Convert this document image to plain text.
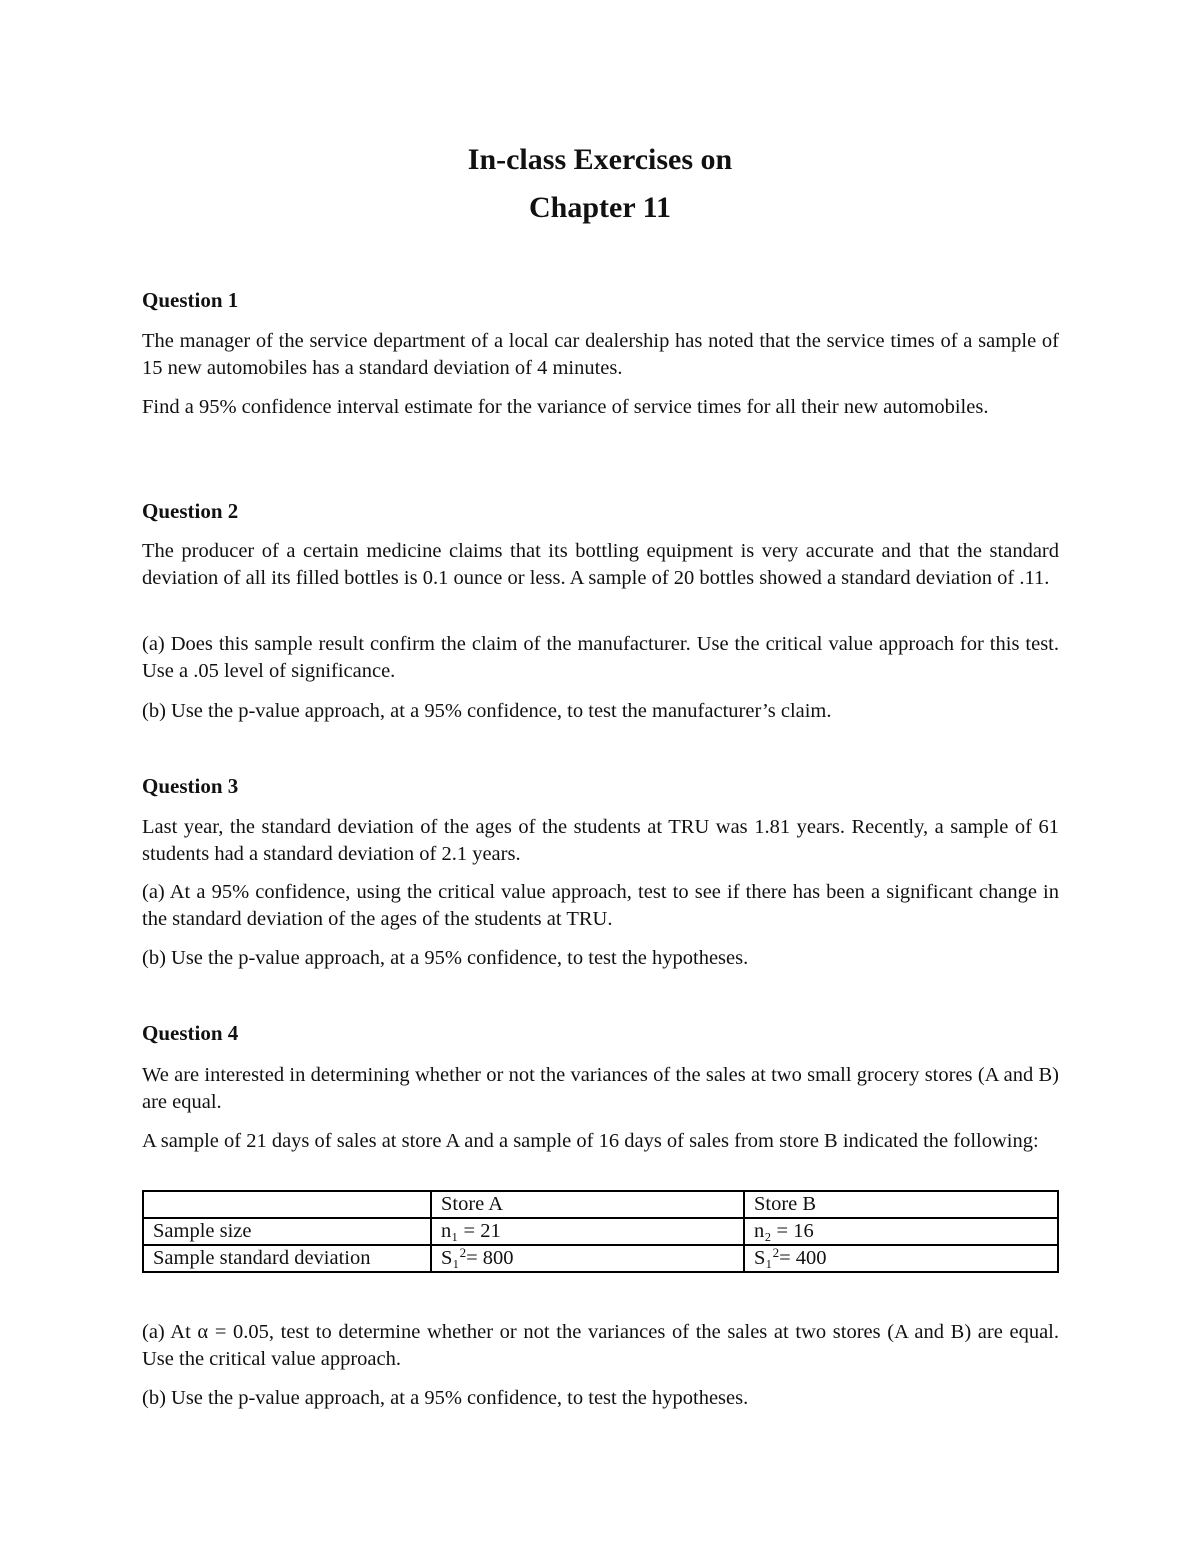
In-class Exercises on
Chapter 11
Question 1

The manager of the service department of a local car dealership has noted that the service times of a sample of 15 new automobiles has a standard deviation of 4 minutes.

Find a 95% confidence interval estimate for the variance of service times for all their new automobiles.

Question 2

The producer of a certain medicine claims that its bottling equipment is very accurate and that the standard deviation of all its filled bottles is 0.1 ounce or less. A sample of 20 bottles showed a standard deviation of .11.

(a) Does this sample result confirm the claim of the manufacturer. Use the critical value approach for this test. Use a .05 level of significance.

(b) Use the p-value approach, at a 95% confidence, to test the manufacturer’s claim.

Question 3

Last year, the standard deviation of the ages of the students at TRU was 1.81 years. Recently, a sample of 61 students had a standard deviation of 2.1 years.

(a) At a 95% confidence, using the critical value approach, test to see if there has been a significant change in the standard deviation of the ages of the students at TRU.

(b) Use the p-value approach, at a 95% confidence, to test the hypotheses.

Question 4

We are interested in determining whether or not the variances of the sales at two small grocery stores (A and B) are equal.

A sample of 21 days of sales at store A and a sample of 16 days of sales from store B indicated the following:

	Store A	Store B
Sample size	n₁ = 21	n₂ = 16
Sample standard deviation	S₁$^2$= 800	S₁$^2$= 400

(a) At α = 0.05, test to determine whether or not the variances of the sales at two stores (A and B) are equal. Use the critical value approach.

(b) Use the p-value approach, at a 95% confidence, to test the hypotheses.
